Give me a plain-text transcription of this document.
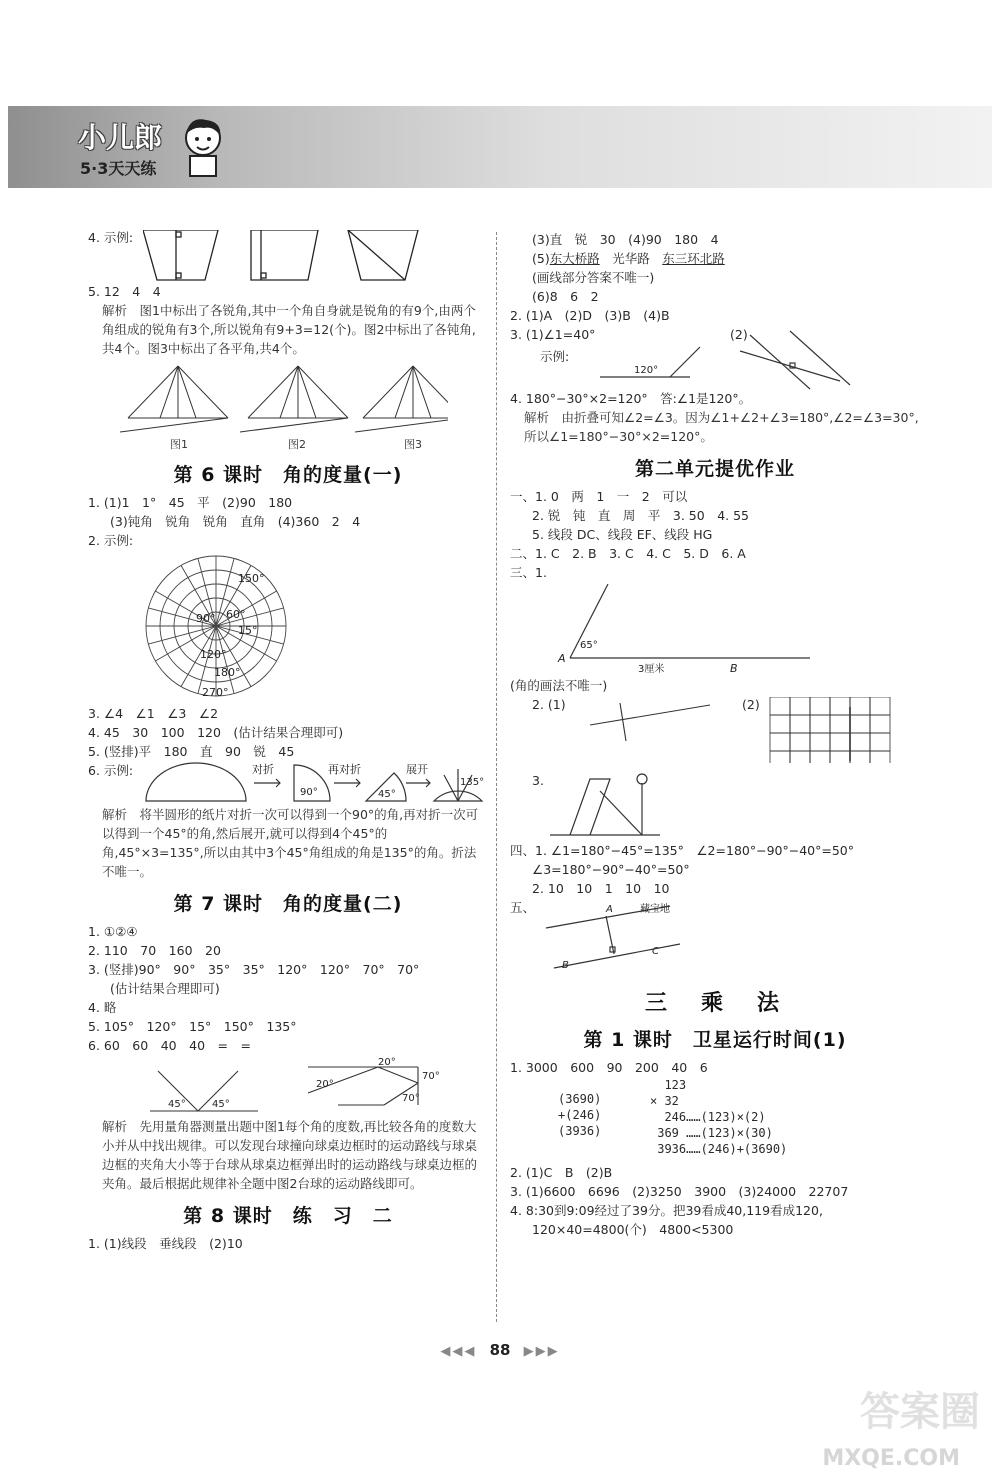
小儿郎
5·3天天练
4. 示例:
5. 12　4　4
解析　图1中标出了各锐角,其中一个角自身就是锐角的有9个,由两个角组成的锐角有3个,所以锐角有9+3=12(个)。图2中标出了各钝角,共4个。图3中标出了各平角,共4个。
图1	图2	图3
第 6 课时　角的度量(一)
1. (1)1　1°　45　平　(2)90　180
(3)钝角　锐角　锐角　直角　(4)360　2　4
2. 示例:
150°
90° 60°
15°
120°
180°
270°
3. ∠4　∠1　∠3　∠2
4. 45　30　100　120　(估计结果合理即可)
5. (竖排)平　180　直　90　锐　45
6. 示例:	对折	再对折	展开
90°	45°
135°
解析　将半圆形的纸片对折一次可以得到一个90°的角,再对折一次可以得到一个45°的角,然后展开,就可以得到4个45°的角,45°×3=135°,所以由其中3个45°角组成的角是135°的角。折法不唯一。
第 7 课时　角的度量(二)
1. ①②④
2. 110　70　160　20
3. (竖排)90°　90°　35°　35°　120°　120°　70°　70°
(估计结果合理即可)
4. 略
5. 105°　120°　15°　150°　135°
6. 60　60　40　40　=　=
45°	45°
20°
20°
70°
70°
解析　先用量角器测量出题中图1每个角的度数,再比较各角的度数大小并从中找出规律。可以发现台球撞向球桌边框时的运动路线与球桌边框的夹角大小等于台球从球桌边框弹出时的运动路线与球桌边框的夹角。最后根据此规律补全题中图2台球的运动路线即可。
第 8 课时　练　习　二
1. (1)线段　垂线段　(2)10
(3)直　锐　30　(4)90　180　4
(5)东大桥路　光华路　东三环北路
(画线部分答案不唯一)
(6)8　6　2
2. (1)A　(2)D　(3)B　(4)B
3. (1)∠1=40°	(2)
示例:
120°
4. 180°−30°×2=120°　答:∠1是120°。
解析　由折叠可知∠2=∠3。因为∠1+∠2+∠3=180°,∠2=∠3=30°,所以∠1=180°−30°×2=120°。
第二单元提优作业
一、1. 0　两　1　一　2　可以
2. 锐　钝　直　周　平　3. 50　4. 55
5. 线段 DC、线段 EF、线段 HG
二、1. C　2. B　3. C　4. C　5. D　6. A
三、1.
A
B
65°
3厘米
(角的画法不唯一)
2. (1)	(2)
3.
四、1. ∠1=180°−45°=135°　∠2=180°−90°−40°=50°
∠3=180°−90°−40°=50°
2. 10　10　1　10　10
五、	A
B
C
藏宝地
三　乘　法
第 1 课时　卫星运行时间(1)
1. 3000　600　90　200　40　6
(3690)
+(246)
(3936)
123
× 32
246……(123)×(2)
369 ……(123)×(30)
3936……(246)+(3690)
2. (1)C　B　(2)B
3. (1)6600　6696　(2)3250　3900　(3)24000　22707
4. 8:30到9:09经过了39分。把39看成40,119看成120,
120×40=4800(个)　4800<5300
◀◀◀ 88 ▶▶▶
答案圈
MXQE.COM
